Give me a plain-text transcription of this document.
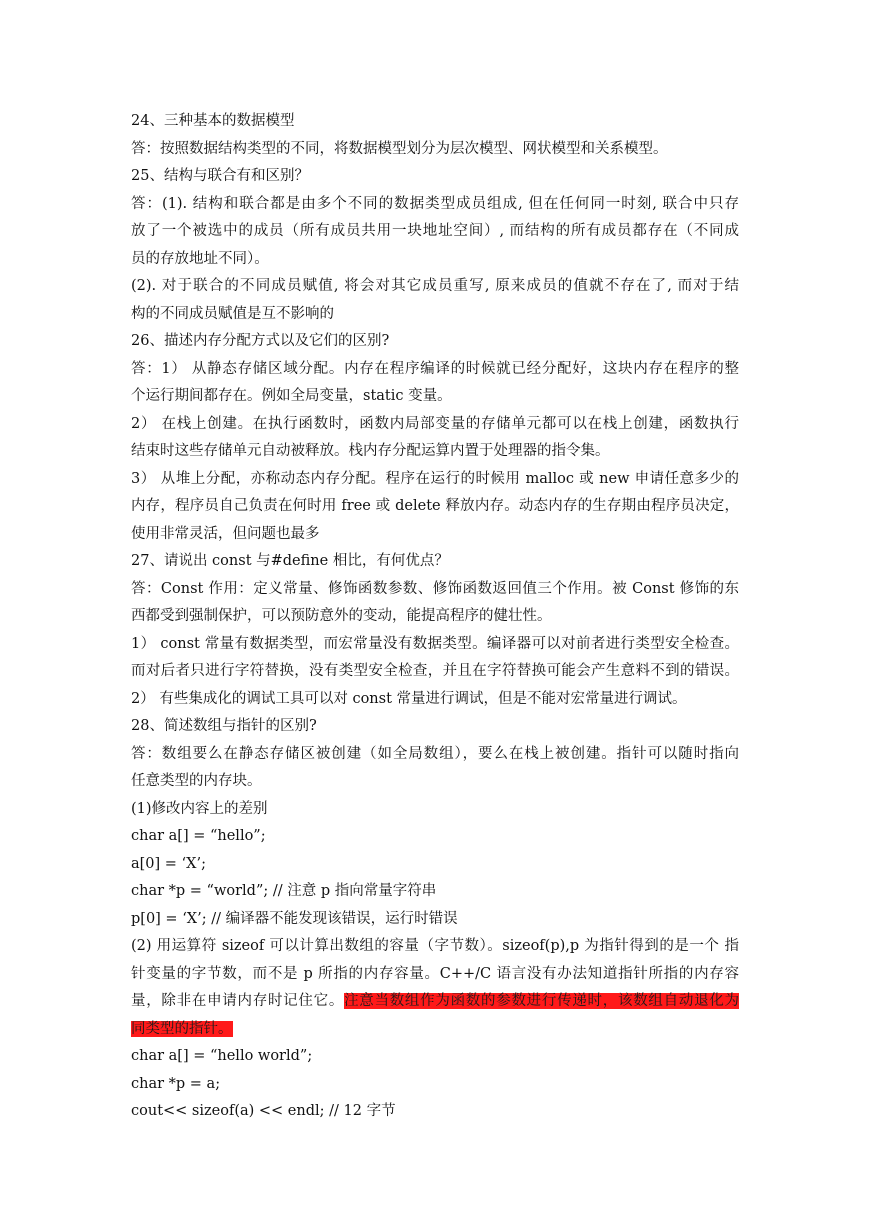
24、三种基本的数据模型
答：按照数据结构类型的不同，将数据模型划分为层次模型、网状模型和关系模型。
25、结构与联合有和区别？
答：(1). 结构和联合都是由多个不同的数据类型成员组成, 但在任何同一时刻, 联合中只存
放了一个被选中的成员（所有成员共用一块地址空间）, 而结构的所有成员都存在（不同成
员的存放地址不同）。
(2). 对于联合的不同成员赋值, 将会对其它成员重写, 原来成员的值就不存在了, 而对于结
构的不同成员赋值是互不影响的
26、描述内存分配方式以及它们的区别?
答：1） 从静态存储区域分配。内存在程序编译的时候就已经分配好，这块内存在程序的整
个运行期间都存在。例如全局变量，static 变量。
2） 在栈上创建。在执行函数时，函数内局部变量的存储单元都可以在栈上创建，函数执行
结束时这些存储单元自动被释放。栈内存分配运算内置于处理器的指令集。
3） 从堆上分配，亦称动态内存分配。程序在运行的时候用 malloc 或 new 申请任意多少的
内存，程序员自己负责在何时用 free 或 delete 释放内存。动态内存的生存期由程序员决定，
使用非常灵活，但问题也最多
27、请说出 const 与#define 相比，有何优点？
答：Const 作用：定义常量、修饰函数参数、修饰函数返回值三个作用。被 Const 修饰的东
西都受到强制保护，可以预防意外的变动，能提高程序的健壮性。
1） const 常量有数据类型，而宏常量没有数据类型。编译器可以对前者进行类型安全检查。
而对后者只进行字符替换，没有类型安全检查，并且在字符替换可能会产生意料不到的错误。
2） 有些集成化的调试工具可以对 const 常量进行调试，但是不能对宏常量进行调试。
28、简述数组与指针的区别?
答：数组要么在静态存储区被创建（如全局数组），要么在栈上被创建。指针可以随时指向
任意类型的内存块。
(1)修改内容上的差别
char a[] = “hello”;
a[0] = ‘X’;
char *p = “world”; // 注意 p 指向常量字符串
p[0] = ‘X’; // 编译器不能发现该错误，运行时错误
(2) 用运算符 sizeof 可以计算出数组的容量（字节数）。sizeof(p),p 为指针得到的是一个 指
针变量的字节数，而不是 p 所指的内存容量。C++/C 语言没有办法知道指针所指的内存容
量，除非在申请内存时记住它。注意当数组作为函数的参数进行传递时，该数组自动退化为
同类型的指针。
char a[] = “hello world”;
char *p = a;
cout<< sizeof(a) << endl; // 12 字节
